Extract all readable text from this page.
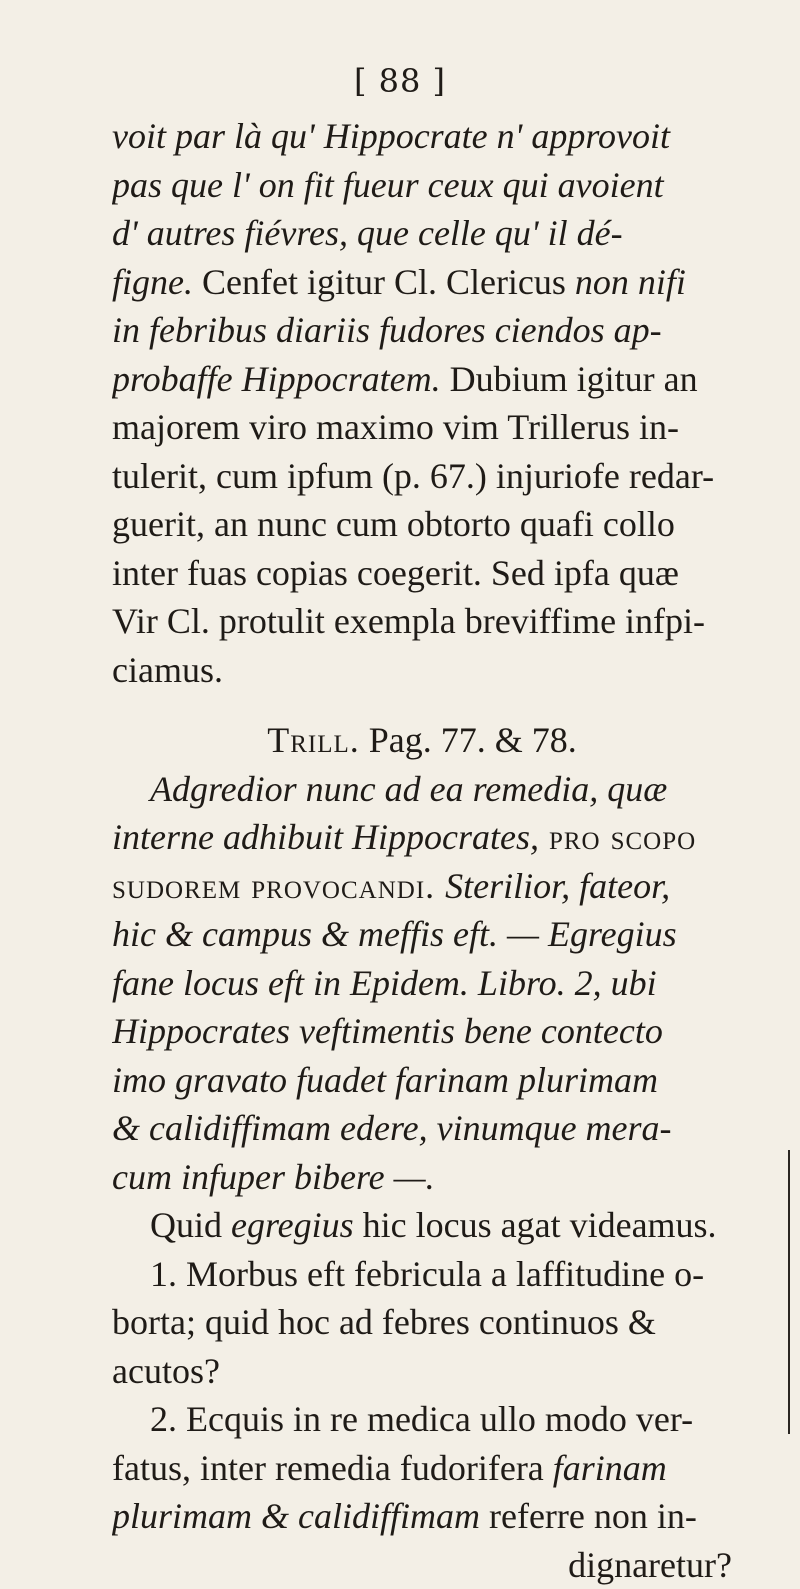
[ 88 ]
voit par là qu' Hippocrate n' approvoit
pas que l' on fit fueur ceux qui avoient
d' autres fiévres, que celle qu' il dé-
figne. Cenfet igitur Cl. Clericus non nifi
in febribus diariis fudores ciendos ap-
probaffe Hippocratem. Dubium igitur an
majorem viro maximo vim Trillerus in-
tulerit, cum ipfum (p. 67.) injuriofe redar-
guerit, an nunc cum obtorto quafi collo
inter fuas copias coegerit. Sed ipfa quæ
Vir Cl. protulit exempla breviffime infpi-
ciamus.
Trill. Pag. 77. & 78.
Adgredior nunc ad ea remedia, quæ
interne adhibuit Hippocrates, pro scopo
sudorem provocandi. Sterilior, fateor,
hic & campus & meffis eft. — Egregius
fane locus eft in Epidem. Libro. 2, ubi
Hippocrates veftimentis bene contecto
imo gravato fuadet farinam plurimam
& calidiffimam edere, vinumque mera-
cum infuper bibere —.
Quid egregius hic locus agat videamus.
1. Morbus eft febricula a laffitudine o-
borta; quid hoc ad febres continuos &
acutos?
2. Ecquis in re medica ullo modo ver-
fatus, inter remedia fudorifera farinam
plurimam & calidiffimam referre non in-
dignaretur?
